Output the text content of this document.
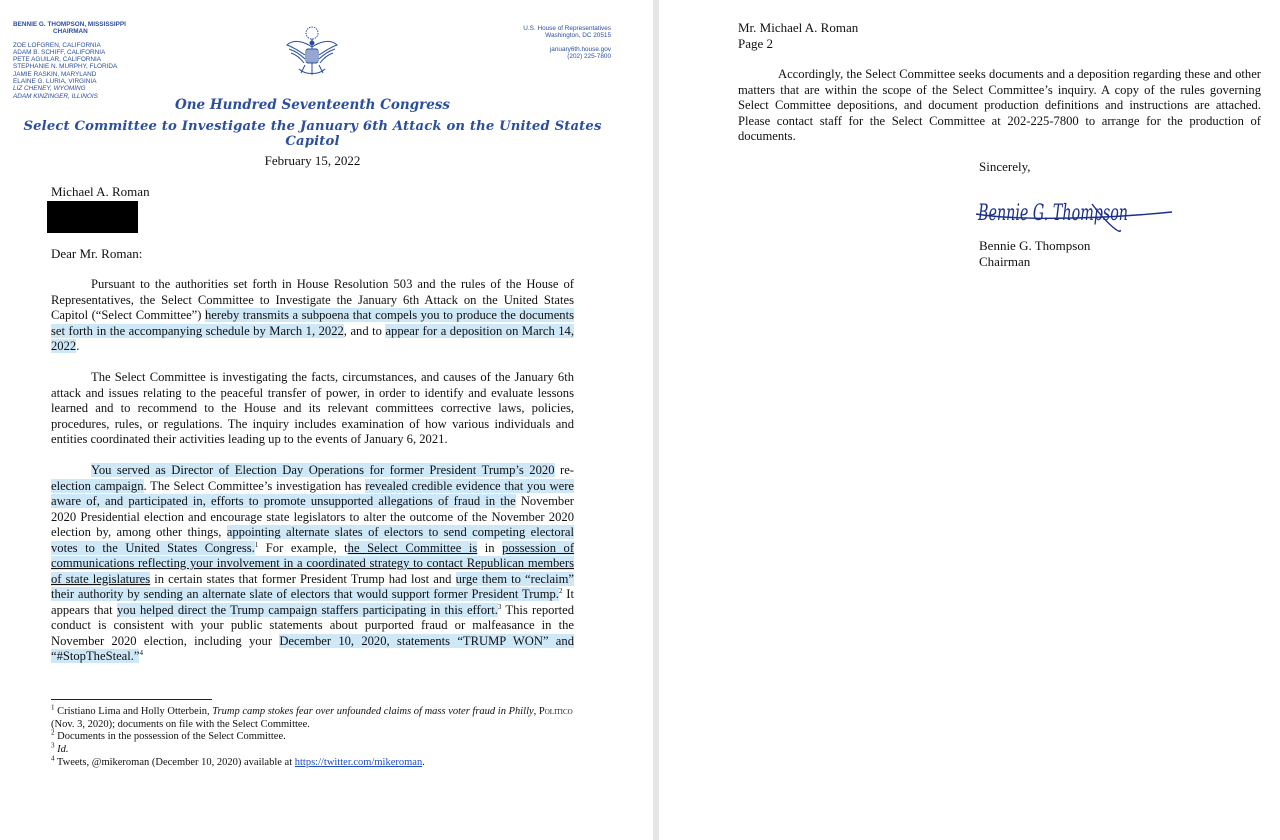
BENNIE G. THOMPSON, MISSISSIPPI
CHAIRMAN
ZOE LOFGREN, CALIFORNIA
ADAM B. SCHIFF, CALIFORNIA
PETE AGUILAR, CALIFORNIA
STEPHANIE N. MURPHY, FLORIDA
JAMIE RASKIN, MARYLAND
ELAINE G. LURIA, VIRGINIA
LIZ CHENEY, WYOMING
ADAM KINZINGER, ILLINOIS
U.S. House of Representatives
Washington, DC 20515
january6th.house.gov
(202) 225-7800
One Hundred Seventeenth Congress
Select Committee to Investigate the January 6th Attack on the United States Capitol
February 15, 2022
Michael A. Roman
Dear Mr. Roman:

Pursuant to the authorities set forth in House Resolution 503 and the rules of the House of Representatives, the Select Committee to Investigate the January 6th Attack on the United States Capitol (“Select Committee”) hereby transmits a subpoena that compels you to produce the documents set forth in the accompanying schedule by March 1, 2022, and to appear for a deposition on March 14, 2022.

The Select Committee is investigating the facts, circumstances, and causes of the January 6th attack and issues relating to the peaceful transfer of power, in order to identify and evaluate lessons learned and to recommend to the House and its relevant committees corrective laws, policies, procedures, rules, or regulations. The inquiry includes examination of how various individuals and entities coordinated their activities leading up to the events of January 6, 2021.

You served as Director of Election Day Operations for former President Trump’s 2020 re-election campaign. The Select Committee’s investigation has revealed credible evidence that you were aware of, and participated in, efforts to promote unsupported allegations of fraud in the November 2020 Presidential election and encourage state legislators to alter the outcome of the November 2020 election by, among other things, appointing alternate slates of electors to send competing electoral votes to the United States Congress.$^1$ For example, the Select Committee is in possession of communications reflecting your involvement in a coordinated strategy to contact Republican members of state legislatures in certain states that former President Trump had lost and urge them to “reclaim” their authority by sending an alternate slate of electors that would support former President Trump.$^2$ It appears that you helped direct the Trump campaign staffers participating in this effort.$^3$ This reported conduct is consistent with your public statements about purported fraud or malfeasance in the November 2020 election, including your December 10, 2020, statements “TRUMP WON” and “#StopTheSteal.”$^4$

$^1$ Cristiano Lima and Holly Otterbein, Trump camp stokes fear over unfounded claims of mass voter fraud in Philly, Politico (Nov. 3, 2020); documents on file with the Select Committee.
$^2$ Documents in the possession of the Select Committee.
$^3$ Id.
$^4$ Tweets, @mikeroman (December 10, 2020) available at https://twitter.com/mikeroman.
Mr. Michael A. Roman
Page 2

Accordingly, the Select Committee seeks documents and a deposition regarding these and other matters that are within the scope of the Select Committee’s inquiry. A copy of the rules governing Select Committee depositions, and document production definitions and instructions are attached. Please contact staff for the Select Committee at 202-225-7800 to arrange for the production of documents.

Sincerely,
Bennie G. Thompson
Bennie G. Thompson
Chairman
